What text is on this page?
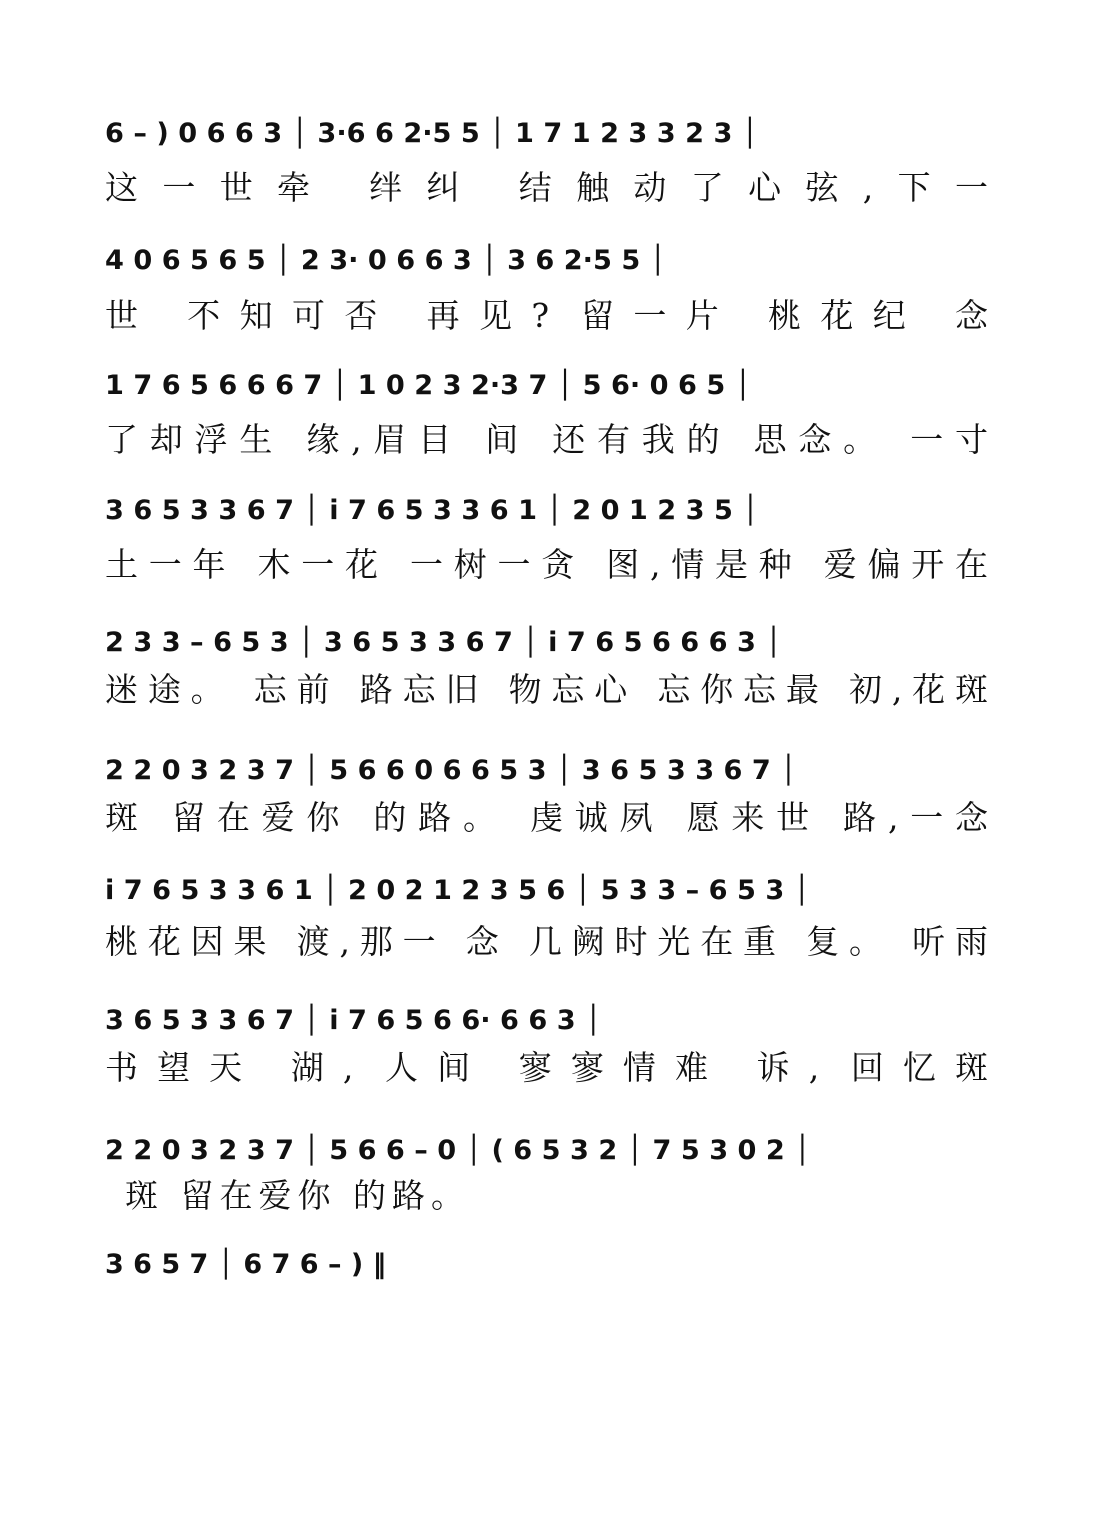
6 – ) 0 6 6 3 │ 3·6 6 2·5 5 │ 1 7 1 2 3 3 2 3 │
这一世牵 绊纠 结触动了心弦,下一
4 0 6 5 6 5 │ 2 3· 0 6 6 3 │ 3 6 2·5 5 │
世 不知可否 再见? 留一片 桃花纪 念
1 7 6 5 6 6 6 7 │ 1 0 2 3 2·3 7 │ 5 6· 0 6 5 │
了却浮生 缘,眉目 间 还有我的 思念。 一寸
3 6 5 3 3 6 7 │ i 7 6 5 3 3 6 1 │ 2 0 1 2 3 5 │
土一年 木一花 一树一贪 图,情是种 爱偏开在
2 3 3 – 6 5 3 │ 3 6 5 3 3 6 7 │ i 7 6 5 6 6 6 3 │
迷途。 忘前 路忘旧 物忘心 忘你忘最 初,花斑
2 2 0 3 2 3 7 │ 5 6 6 0 6 6 5 3 │ 3 6 5 3 3 6 7 │
斑 留在爱你 的路。 虔诚夙 愿来世 路,一念
i 7 6 5 3 3 6 1 │ 2 0 2 1 2 3 5 6 │ 5 3 3 – 6 5 3 │
桃花因果 渡,那一 念 几阙时光在重 复。 听雨
3 6 5 3 3 6 7 │ i 7 6 5 6 6· 6 6 3 │
书望天 湖, 人间 寥寥情难 诉, 回忆斑
2 2 0 3 2 3 7 │ 5 6 6 – 0 │ ( 6 5 3 2 │ 7 5 3 0 2 │
斑 留在爱你 的路。
3 6 5 7 │ 6 7 6 – ) ‖
